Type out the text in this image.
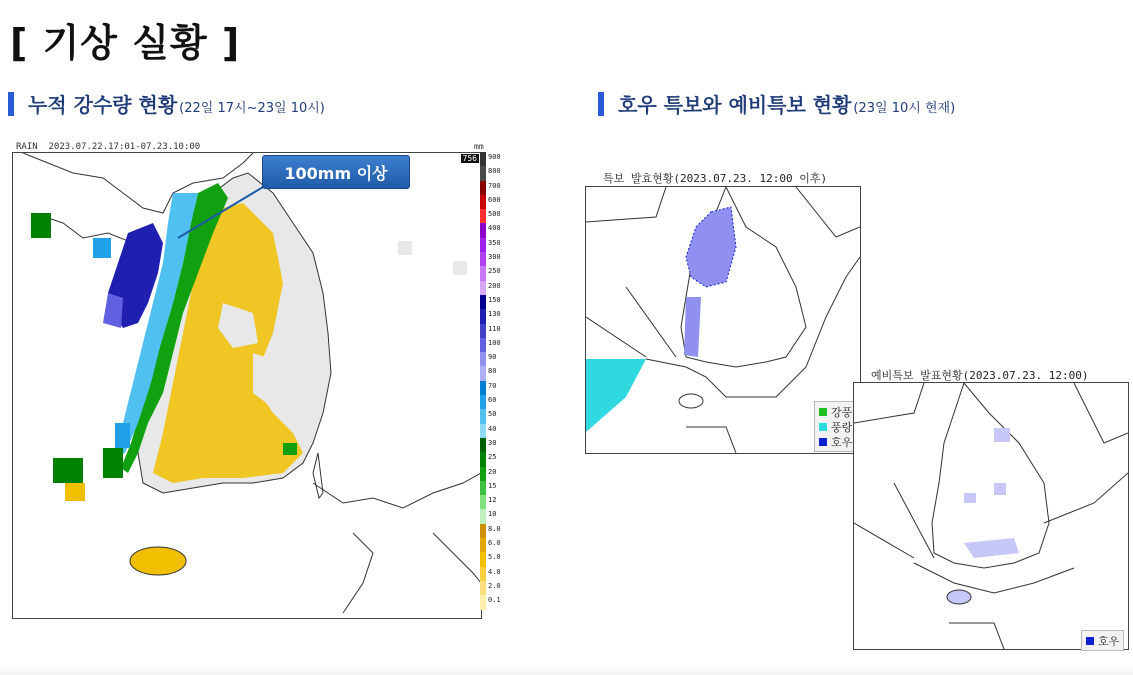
[ 기상 실황 ]
누적 강수량 현황 (22일 17시~23일 10시)	호우 특보와 예비특보 현황 (23일 10시 현재)
RAIN  2023.07.22.17:01-07.23.10:00	mm
756
100mm 이상
900
800
700
600
500
400
350
300
250
200
150
130
110
100
90
80
70
60
50
40
30
25
20
15
12
10
8.0
6.0
5.0
4.0
2.0
0.1
특보 발효현황(2023.07.23. 12:00 이후)
강풍
풍랑
호우
예비특보 발표현황(2023.07.23. 12:00)
호우
